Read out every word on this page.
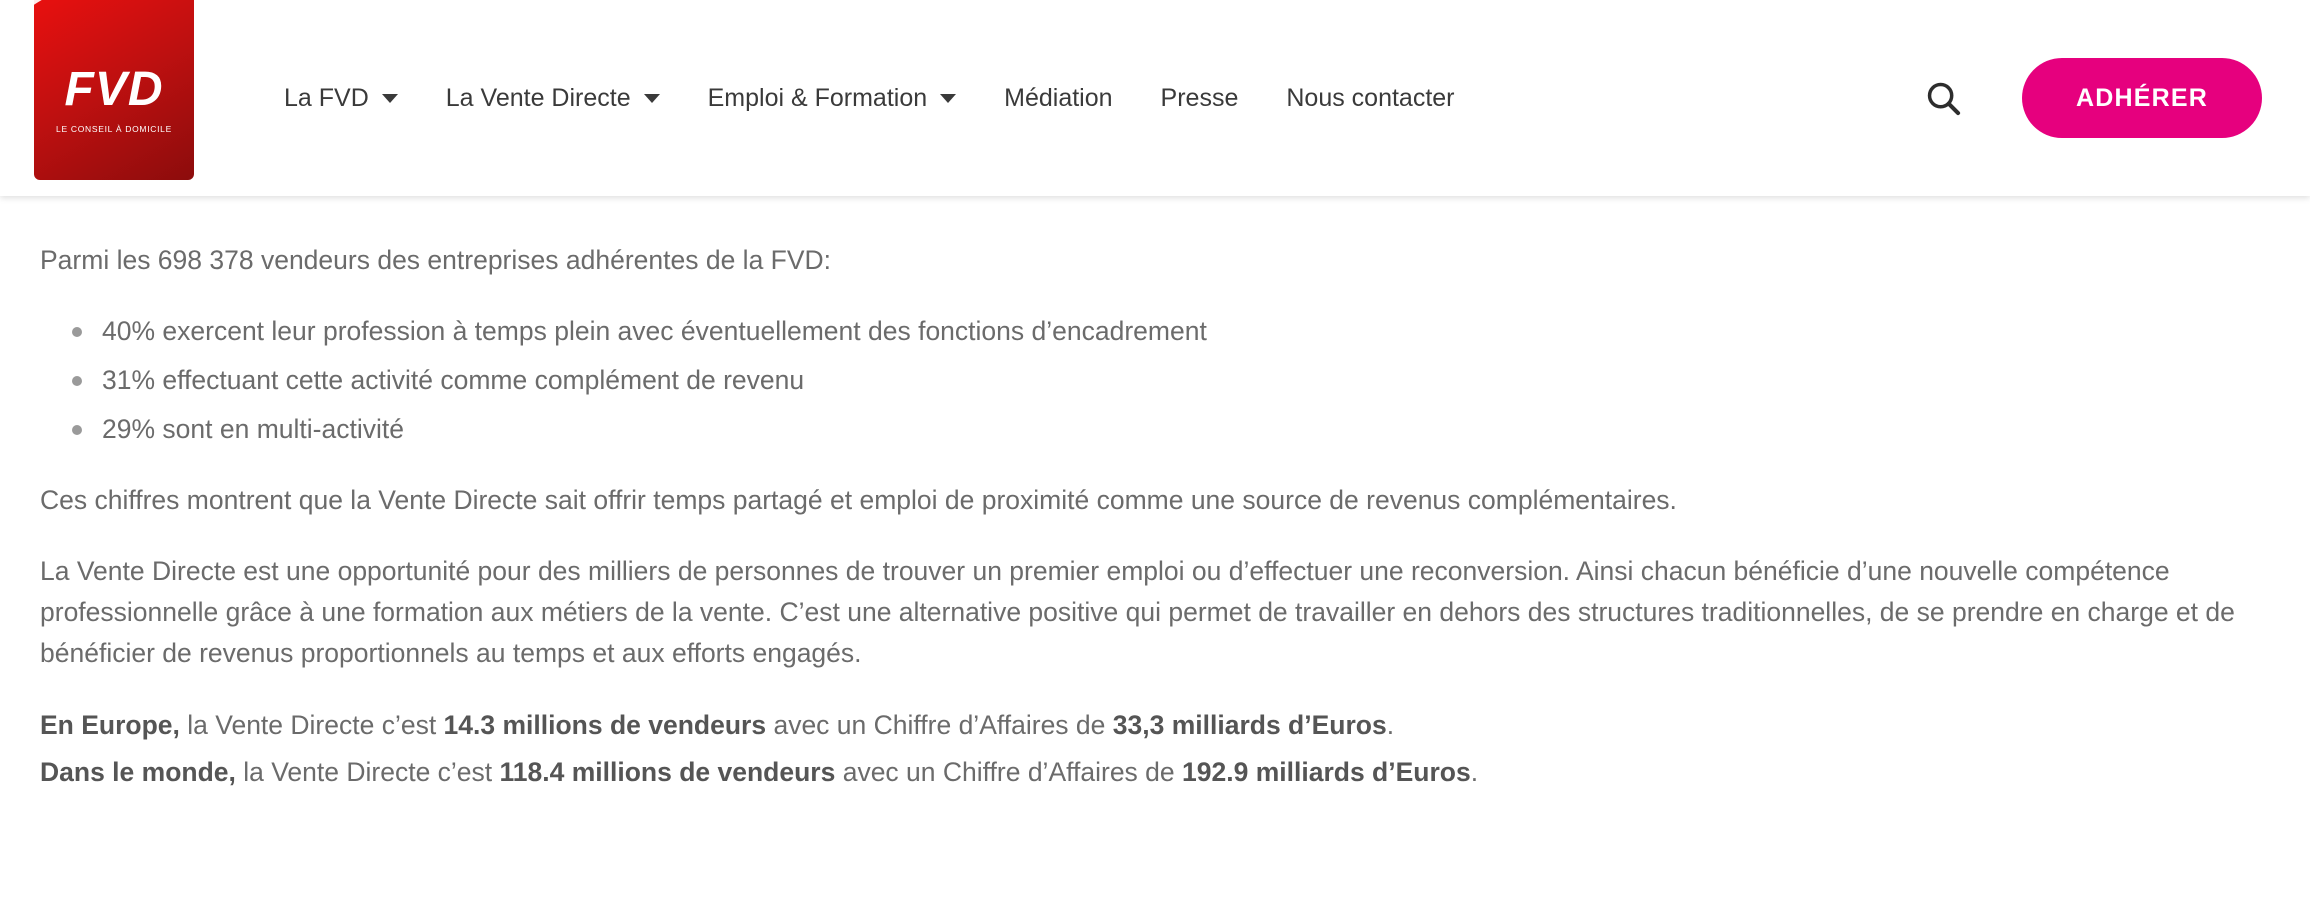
FVD
LE CONSEIL À DOMICILE
La FVD	La Vente Directe	Emploi & Formation	Médiation Presse Nous contacter	ADHÉRER

Parmi les 698 378 vendeurs des entreprises adhérentes de la FVD:

40% exercent leur profession à temps plein avec éventuellement des fonctions d’encadrement
31% effectuant cette activité comme complément de revenu
29% sont en multi-activité

Ces chiffres montrent que la Vente Directe sait offrir temps partagé et emploi de proximité comme une source de revenus complémentaires.

La Vente Directe est une opportunité pour des milliers de personnes de trouver un premier emploi ou d’effectuer une reconversion. Ainsi chacun bénéficie d’une nouvelle compétence professionnelle grâce à une formation aux métiers de la vente. C’est une alternative positive qui permet de travailler en dehors des structures traditionnelles, de se prendre en charge et de bénéficier de revenus proportionnels au temps et aux efforts engagés.

En Europe, la Vente Directe c’est 14.3 millions de vendeurs avec un Chiffre d’Affaires de 33,3 milliards d’Euros.

Dans le monde, la Vente Directe c’est 118.4 millions de vendeurs avec un Chiffre d’Affaires de 192.9 milliards d’Euros.
